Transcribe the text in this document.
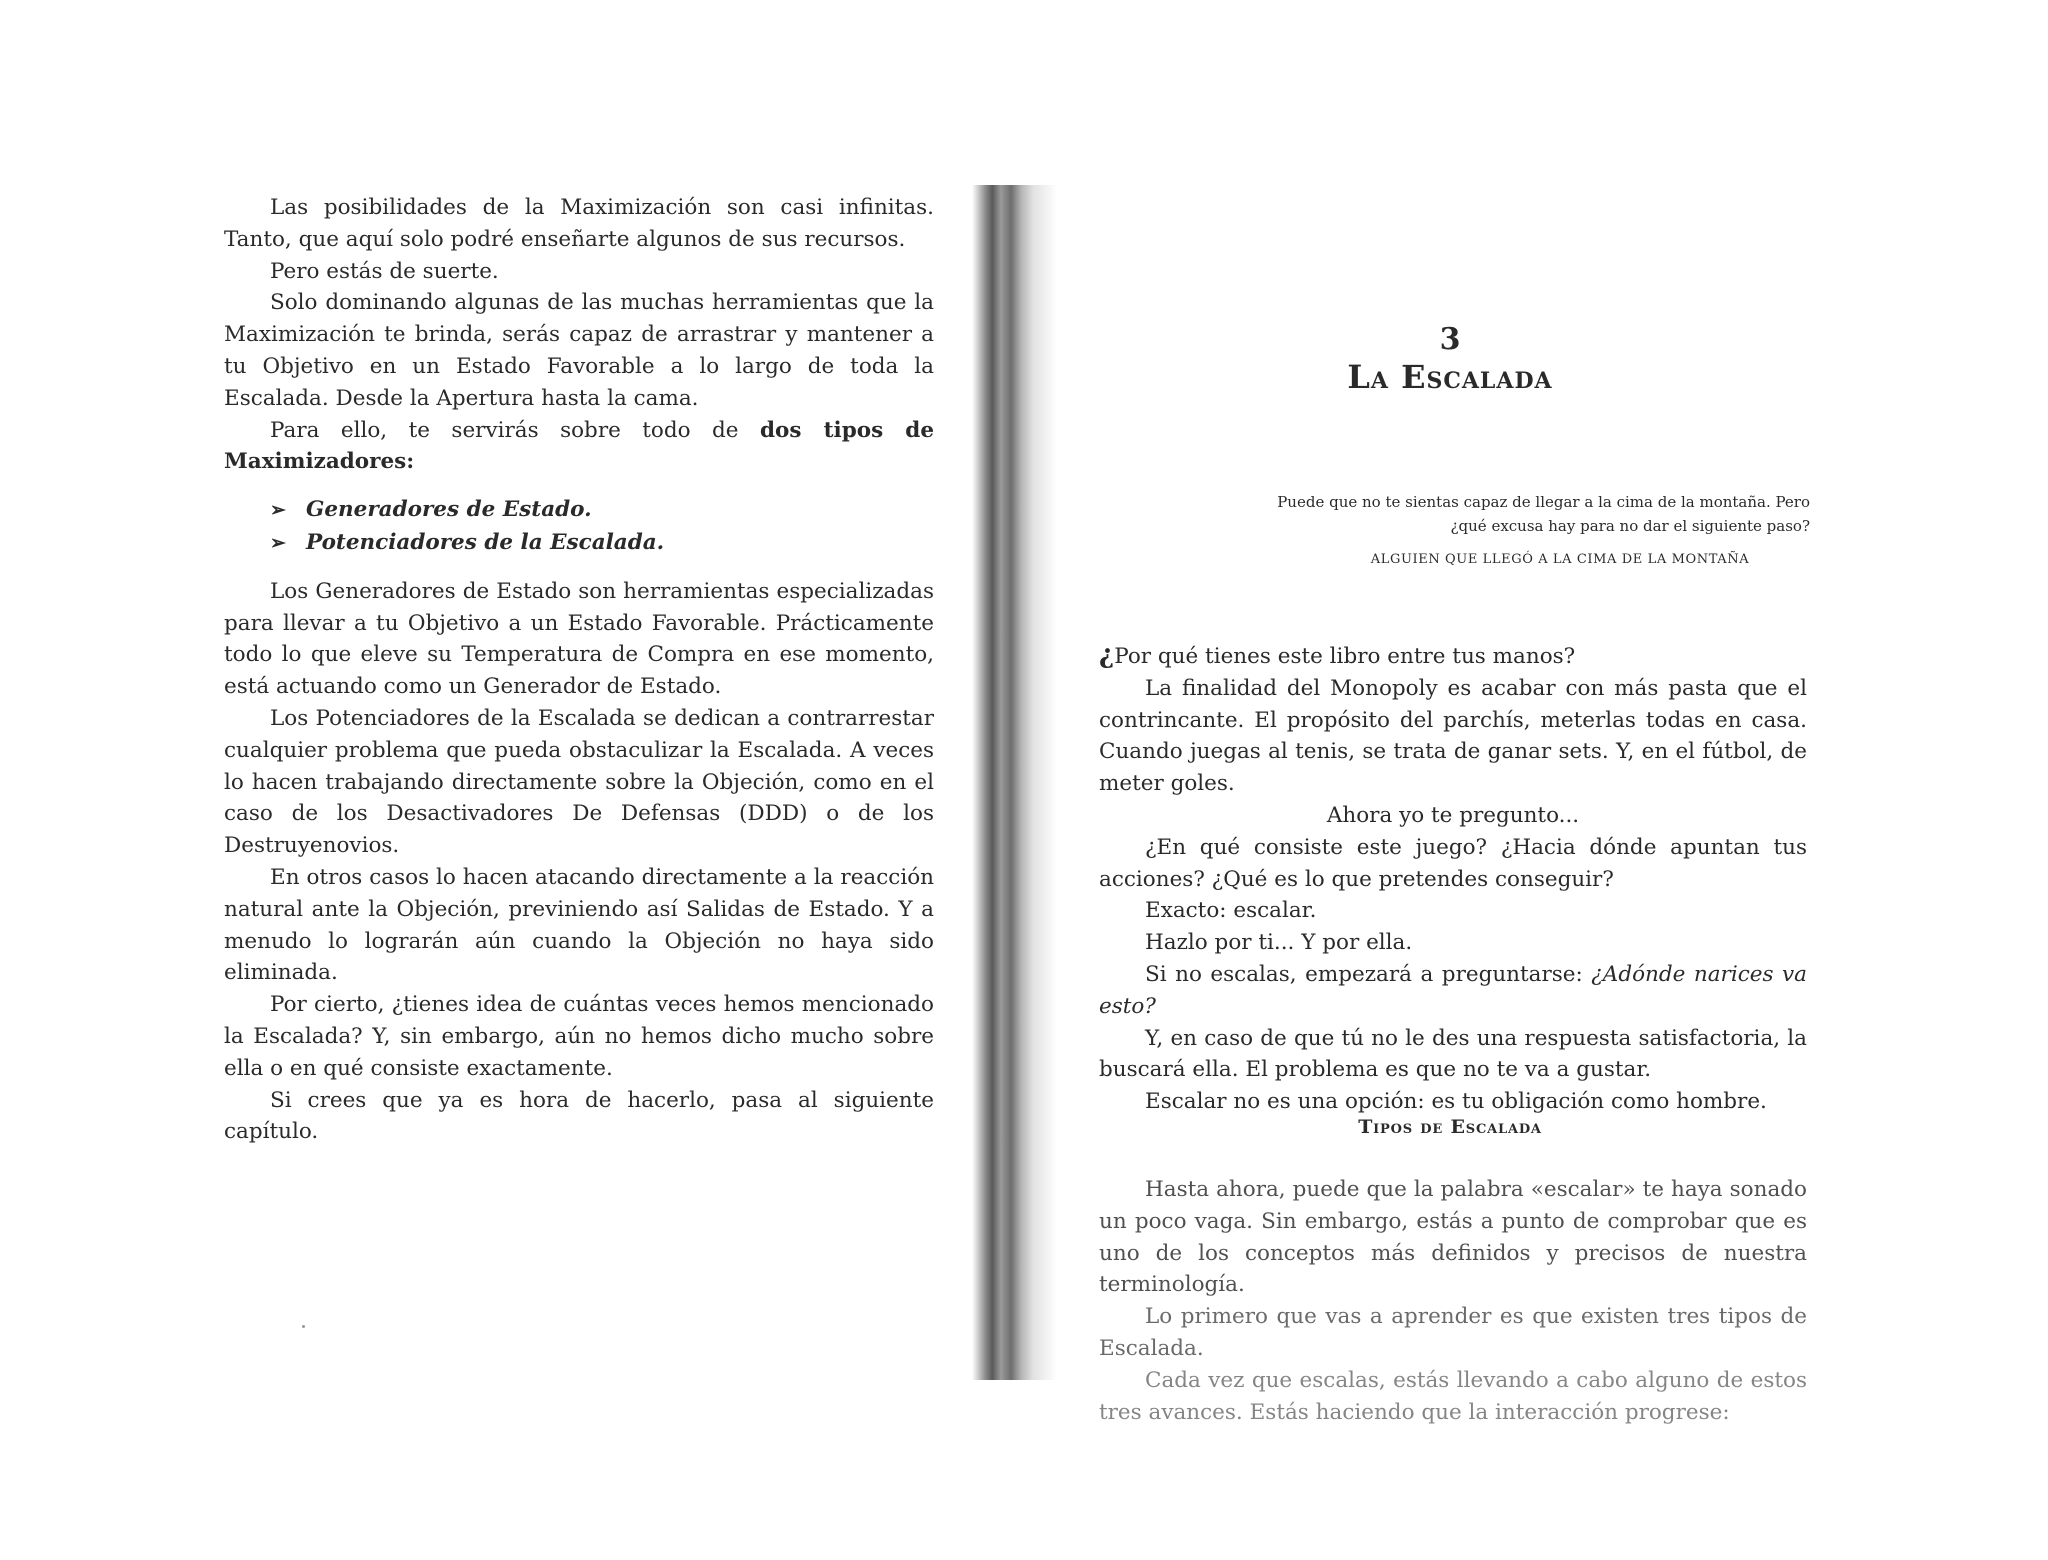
Las posibilidades de la Maximización son casi infinitas. Tanto, que aquí solo podré enseñarte algunos de sus recursos.

Pero estás de suerte.

Solo dominando algunas de las muchas herramientas que la Maximización te brinda, serás capaz de arrastrar y mantener a tu Objetivo en un Estado Favorable a lo largo de toda la Escalada. Desde la Apertura hasta la cama.

Para ello, te servirás sobre todo de dos tipos de Maximizadores:

➢ Generadores de Estado.
➢ Potenciadores de la Escalada.

Los Generadores de Estado son herramientas especializadas para llevar a tu Objetivo a un Estado Favorable. Prácticamente todo lo que eleve su Temperatura de Compra en ese momento, está actuando como un Generador de Estado.

Los Potenciadores de la Escalada se dedican a contrarrestar cualquier problema que pueda obstaculizar la Escalada. A veces lo hacen trabajando directamente sobre la Objeción, como en el caso de los Desactivadores De Defensas (DDD) o de los Destruyenovios.

En otros casos lo hacen atacando directamente a la reacción natural ante la Objeción, previniendo así Salidas de Estado. Y a menudo lo lograrán aún cuando la Objeción no haya sido eliminada.

Por cierto, ¿tienes idea de cuántas veces hemos mencionado la Escalada? Y, sin embargo, aún no hemos dicho mucho sobre ella o en qué consiste exactamente.

Si crees que ya es hora de hacerlo, pasa al siguiente capítulo.

3
La Escalada
Puede que no te sientas capaz de llegar a la cima de la montaña. Pero ¿qué excusa hay para no dar el siguiente paso?
ALGUIEN QUE LLEGÓ A LA CIMA DE LA MONTAÑA

¿Por qué tienes este libro entre tus manos?

La finalidad del Monopoly es acabar con más pasta que el contrincante. El propósito del parchís, meterlas todas en casa. Cuando juegas al tenis, se trata de ganar sets. Y, en el fútbol, de meter goles.

Ahora yo te pregunto...

¿En qué consiste este juego? ¿Hacia dónde apuntan tus acciones? ¿Qué es lo que pretendes conseguir?

Exacto: escalar.

Hazlo por ti... Y por ella.

Si no escalas, empezará a preguntarse: ¿Adónde narices va esto?

Y, en caso de que tú no le des una respuesta satisfactoria, la buscará ella. El problema es que no te va a gustar.

Escalar no es una opción: es tu obligación como hombre.

Tipos de Escalada

Hasta ahora, puede que la palabra «escalar» te haya sonado un poco vaga. Sin embargo, estás a punto de comprobar que es uno de los conceptos más definidos y precisos de nuestra terminología.

Lo primero que vas a aprender es que existen tres tipos de Escalada.

Cada vez que escalas, estás llevando a cabo alguno de estos tres avances. Estás haciendo que la interacción progrese:
